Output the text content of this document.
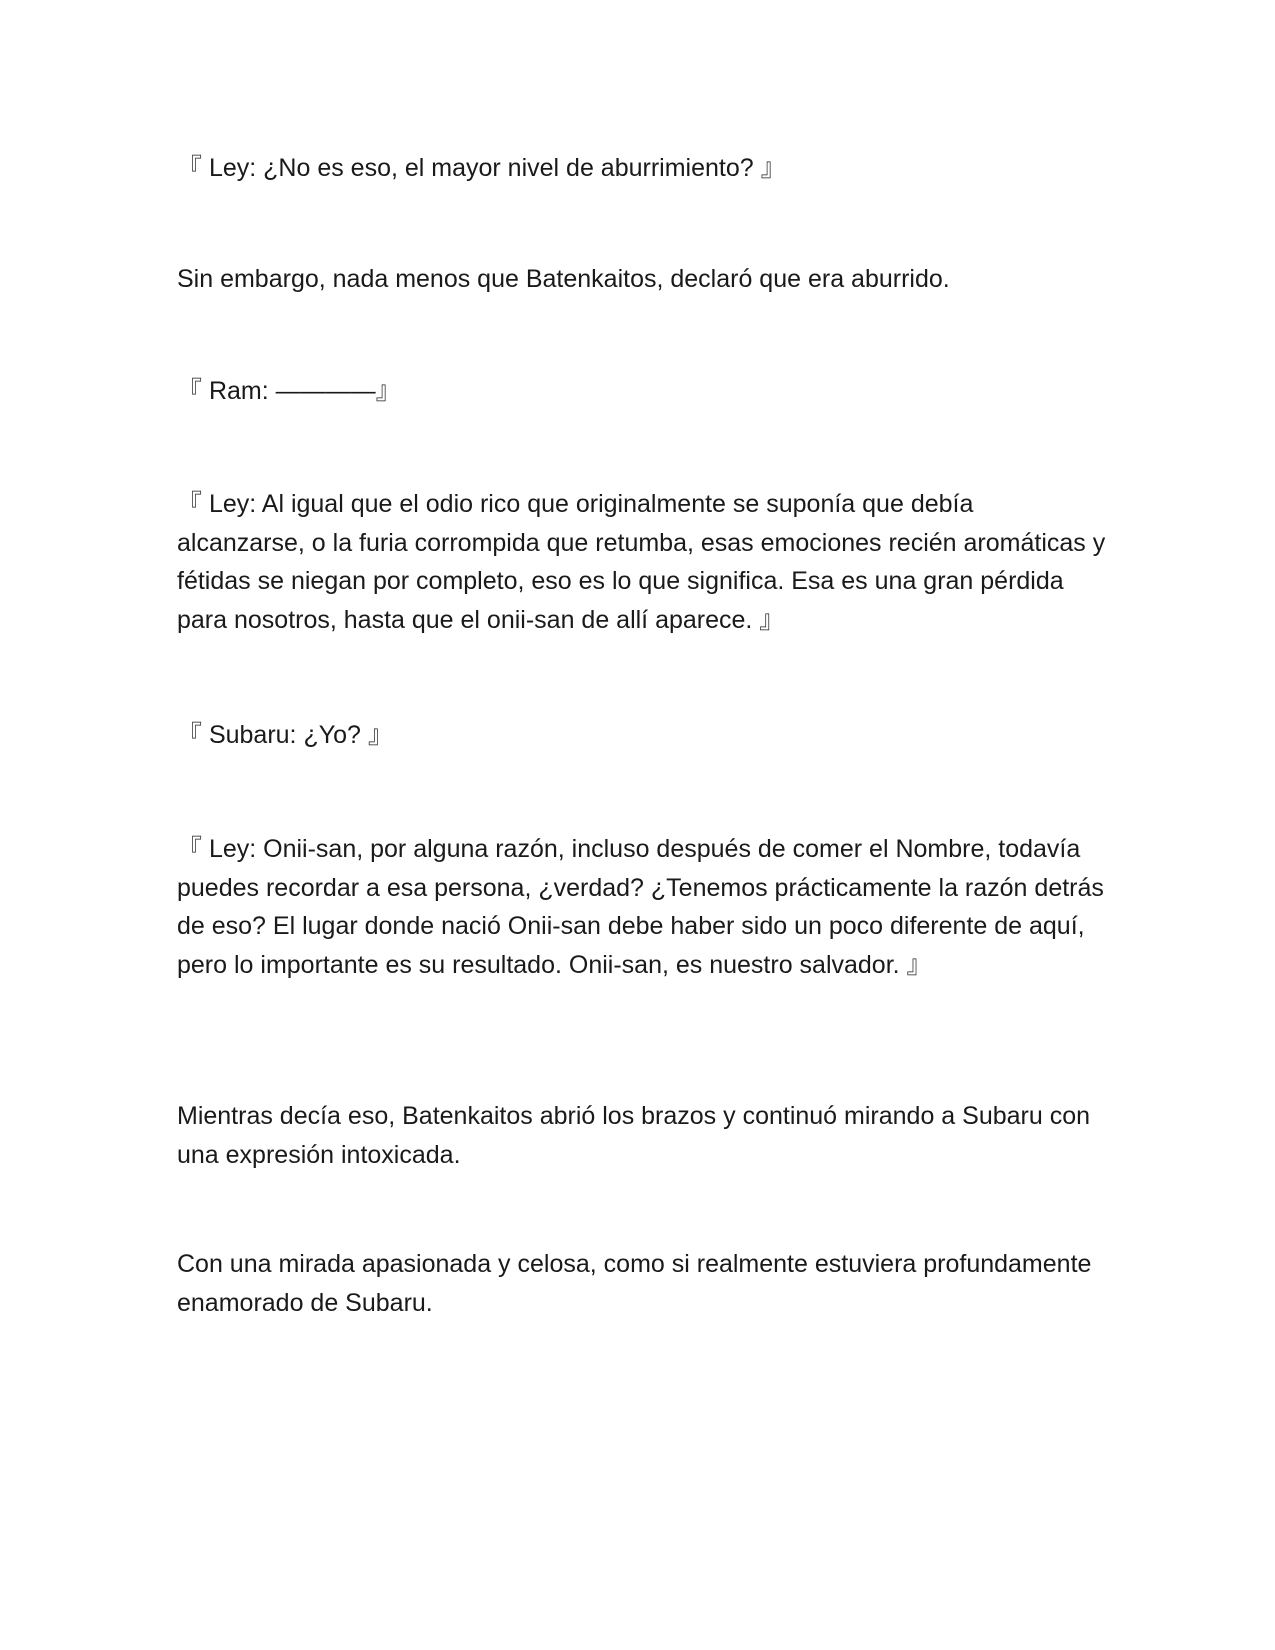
『 Ley: ¿No es eso, el mayor nivel de aburrimiento? 』

Sin embargo, nada menos que Batenkaitos, declaró que era aburrido.

『 Ram: ————』

『 Ley: Al igual que el odio rico que originalmente se suponía que debía alcanzarse, o la furia corrompida que retumba, esas emociones recién aromáticas y fétidas se niegan por completo, eso es lo que significa. Esa es una gran pérdida para nosotros, hasta que el onii-san de allí aparece. 』

『 Subaru: ¿Yo? 』

『 Ley: Onii-san, por alguna razón, incluso después de comer el Nombre, todavía puedes recordar a esa persona, ¿verdad? ¿Tenemos prácticamente la razón detrás de eso? El lugar donde nació Onii-san debe haber sido un poco diferente de aquí, pero lo importante es su resultado. Onii-san, es nuestro salvador. 』

Mientras decía eso, Batenkaitos abrió los brazos y continuó mirando a Subaru con una expresión intoxicada.

Con una mirada apasionada y celosa, como si realmente estuviera profundamente enamorado de Subaru.
